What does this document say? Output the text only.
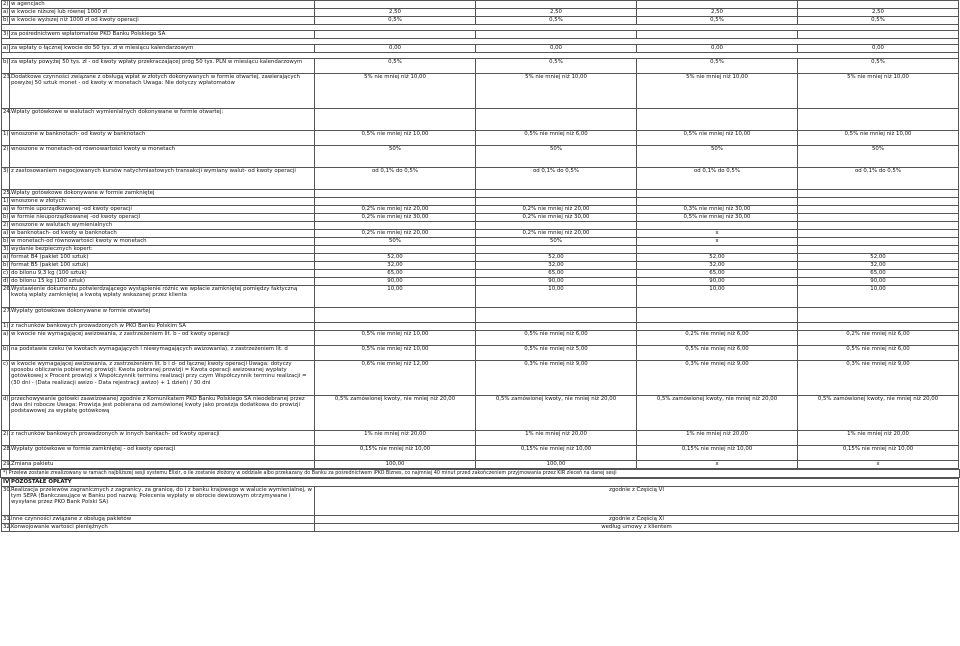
2)	w agencjach				
a)	w kwocie niższej lub równej 1000 zł	2,50	2,50	2,50	2,50
b)	w kwocie wyższej niż 1000 zł od kwoty operacji	0,5%	0,5%	0,5%	0,5%

3)	za pośrednictwem wpłatomatów PKO Banku Polskiego SA				

a)	za wpłaty o łącznej kwocie do 50 tys. zł w miesiącu kalendarzowym	0,00	0,00	0,00	0,00

b)	za wpłaty powyżej 50 tys. zł - od kwoty wpłaty przekraczającej próg 50 tys. PLN w miesiącu kalendarzowym	0,5%	0,5%	0,5%	0,5%
23.	Dodatkowe czynności związane z obsługą wpłat w złotych dokonywanych w formie otwartej, zawierających powyżej 50 sztuk monet - od kwoty w monetach Uwaga: Nie dotyczy wpłatomatów	5% nie mniej niż 10,00	5% nie mniej niż 10,00	5% nie mniej niż 10,00	5% nie mniej niż 10,00
24.	Wpłaty gotówkowe w walutach wymienialnych dokonywane w formie otwartej:				
1)	wnoszone w banknotach- od kwoty w banknotach	0,5% nie mniej niż 10,00	0,5% nie mniej niż 6,00	0,5% nie mniej niż 10,00	0,5% nie mniej niż 10,00
2)	wnoszone w monetach-od równowartości kwoty w monetach	50%	50%	50%	50%
3)	z zastosowaniem negocjowanych kursów natychmiastowych transakcji wymiany walut- od kwoty operacji	od 0,1% do 0,5%	od 0,1% do 0,5%	od 0,1% do 0,5%	od 0,1% do 0,5%
25.	Wpłaty gotówkowe dokonywane w formie zamkniętej				
1)	wnoszone w złotych:				
a)	w formie uporządkowanej -od kwoty operacji	0,2% nie mniej niż 20,00	0,2% nie mniej niż 20,00	0,3% nie mniej niż 30,00	
b)	w formie nieuporządkowanej -od kwoty operacji	0,2% nie mniej niż 30,00	0,2% nie mniej niż 30,00	0,5% nie mniej niż 30,00	
2)	wnoszone w walutach wymienialnych				
a)	w banknotach- od kwoty w banknotach	0,2% nie mniej niż 20,00	0,2% nie mniej niż 20,00	x	
b)	w monetach-od równowartości kwoty w monetach	50%	50%	x	
3)	wydanie bezpiecznych kopert:				
a)	format B4 (pakiet 100 sztuk)	52,00	52,00	52,00	52,00
b)	format B5 (pakiet 100 sztuk)	32,00	32,00	32,00	32,00
c)	do bilonu 9,3 kg (100 sztuk)	65,00	65,00	65,00	65,00
d)	do bilonu 15 kg (100 sztuk)	90,00	90,00	90,00	90,00
26.	Wystawienie dokumentu potwierdzającego wystąpienie różnic we wpłacie zamkniętej pomiędzy faktyczną kwotą wpłaty zamkniętej a kwotą wpłaty wskazanej przez klienta	10,00	10,00	10,00	10,00
27.	Wypłaty gotówkowe dokonywane w formie otwartej				
1)	z rachunków bankowych prowadzonych w PKO Banku Polskim SA				
a)	w kwocie nie wymagającej awizowania, z zastrzeżeniem lit. b - od kwoty operacji	0,5% nie mniej niż 10,00	0,5% nie mniej niż 6,00	0,2% nie mniej niż 6,00	0,2% nie mniej niż 6,00
b)	na podstawie czeku (w kwotach wymagających i niewymagających awizowania), z zastrzeżeniem lit. d	0,5% nie mniej niż 10,00	0,5% nie mniej niż 5,00	0,5% nie mniej niż 6,00	0,5% nie mniej niż 6,00
c)	w kwocie wymagającej awizowania, z zastrzeżeniem lit. b i d- od łącznej kwoty operacji Uwaga: dotyczy sposobu obliczania pobieranej prowizji: Kwota pobranej prowizji = Kwota operacji awizowanej wypłaty gotówkowej x Procent prowizji x Współczynnik terminu realizacji przy czym Współczynnik terminu realizacji = (30 dni - (Data realizacji awizo - Data rejestracji awizo) + 1 dzień) / 30 dni	0,6% nie mniej niż 12,00	0,3% nie mniej niż 9,00	0,3% nie mniej niż 9,00	0,3% nie mniej niż 9,00
d)	przechowywanie gotówki zaawizowanej zgodnie z Komunikatem PKO Banku Polskiego SA nieodebranej przez dwa dni robocze Uwaga: Prowizja jest pobierana od zamówionej kwoty jako prowizja dodatkowa do prowizji podstawowej za wypłatę gotówkową	0,5% zamówionej kwoty, nie mniej niż 20,00	0,5% zamówionej kwoty, nie mniej niż 20,00	0,5% zamówionej kwoty, nie mniej niż 20,00	0,5% zamówionej kwoty, nie mniej niż 20,00
2)	z rachunków bankowych prowadzonych w innych bankach- od kwoty operacji	1% nie mniej niż 20,00	1% nie mniej niż 20,00	1% nie mniej niż 20,00	1% nie mniej niż 20,00
28.	Wypłaty gotówkowe w formie zamkniętej - od kwoty operacji	0,15% nie mniej niż 10,00	0,15% nie mniej niż 10,00	0,15% nie mniej niż 10,00	0,15% nie mniej niż 10,00
29.	Zmiana pakietu	100,00	100,00	x	x
*) Przelew zostanie zrealizowany w ramach najbliższej sesji systemu Elixir, o ile zostanie złożony w oddziale albo przekazany do Banku za pośrednictwem iPKO Biznes, co najmniej 40 minut przed zakończeniem przyjmowania przez KIR zleceń na danej sesji
IV	POZOSTAŁE OPŁATY	
30.	Realizacja przelewów zagranicznych z zagranicy, za granicę, do i z banku krajowego w walucie wymienialnej, w tym SEPA (Bankczasujące w Banku pod nazwą: Polecenia wypłaty w obrocie dewizowym otrzymywane i wysyłane przez PKO Bank Polski SA)	zgodnie z Częścią VI
31.	Inne czynności związane z obsługą pakietów	zgodnie z Częścią XI
32.	Konwojowanie wartości pieniężnych	według umowy z klientem
